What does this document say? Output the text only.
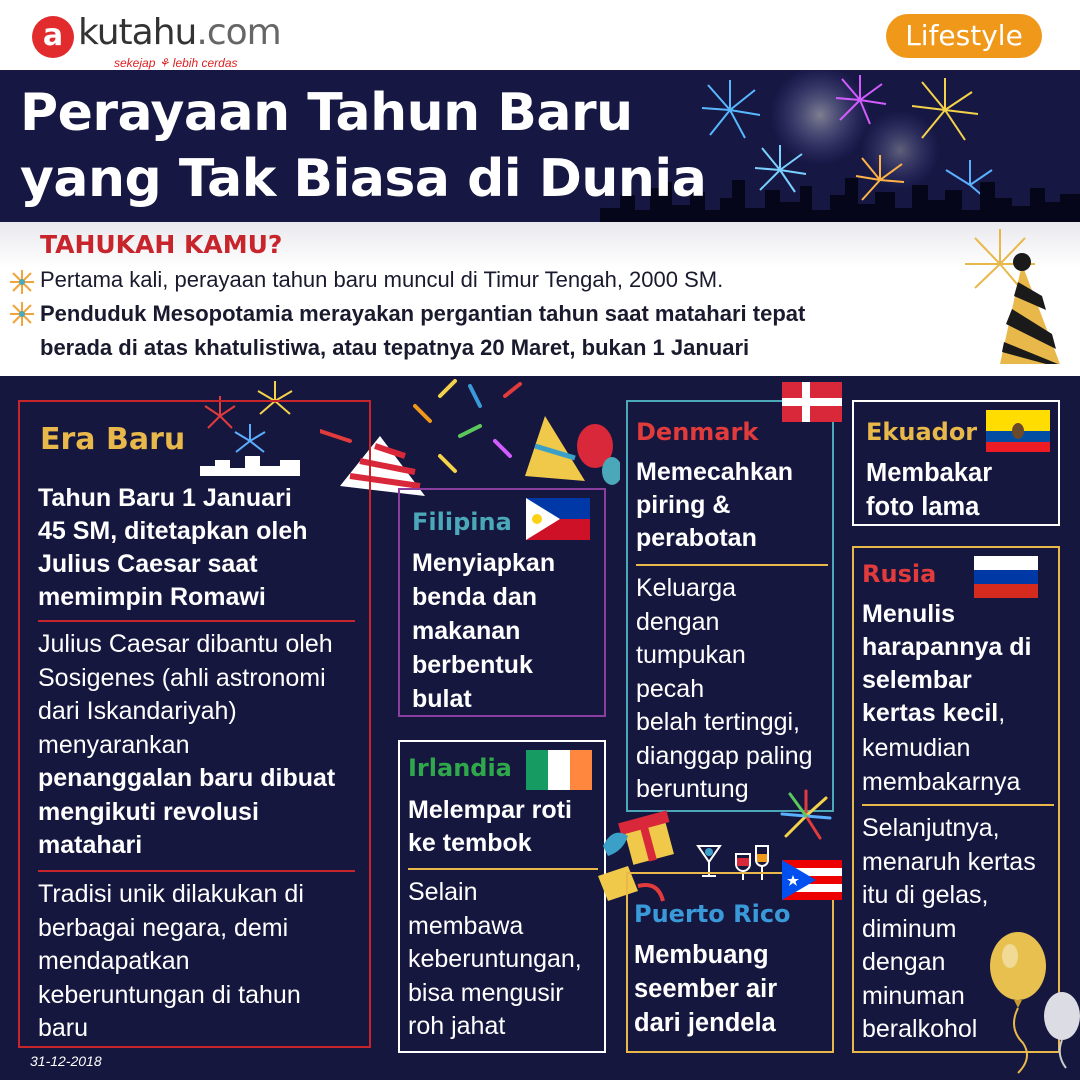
a kutahu.com
sekejap ⚘ lebih cerdas
Lifestyle
Perayaan Tahun Baru
yang Tak Biasa di Dunia
TAHUKAH KAMU?
Pertama kali, perayaan tahun baru muncul di Timur Tengah, 2000 SM.
Penduduk Mesopotamia merayakan pergantian tahun saat matahari tepat
berada di atas khatulistiwa, atau tepatnya 20 Maret, bukan 1 Januari
Era Baru
Tahun Baru 1 Januari
45 SM, ditetapkan oleh
Julius Caesar saat
memimpin Romawi
Julius Caesar dibantu oleh
Sosigenes (ahli astronomi
dari Iskandariyah)
menyarankan
penanggalan baru dibuat
mengikuti revolusi
matahari
Tradisi unik dilakukan di
berbagai negara, demi
mendapatkan
keberuntungan di tahun
baru
Filipina
Menyiapkan
benda dan
makanan
berbentuk
bulat
Irlandia
Melempar roti
ke tembok
Selain
membawa
keberuntungan,
bisa mengusir
roh jahat
Denmark
Memecahkan
piring &
perabotan
Keluarga
dengan
tumpukan
pecah
belah tertinggi,
dianggap paling
beruntung
Puerto Rico
Membuang
seember air
dari jendela
Ekuador
Membakar
foto lama
Rusia
Menulis
harapannya di
selembar
kertas kecil,
kemudian
membakarnya
Selanjutnya,
menaruh kertas
itu di gelas,
diminum
dengan
minuman
beralkohol
31-12-2018
